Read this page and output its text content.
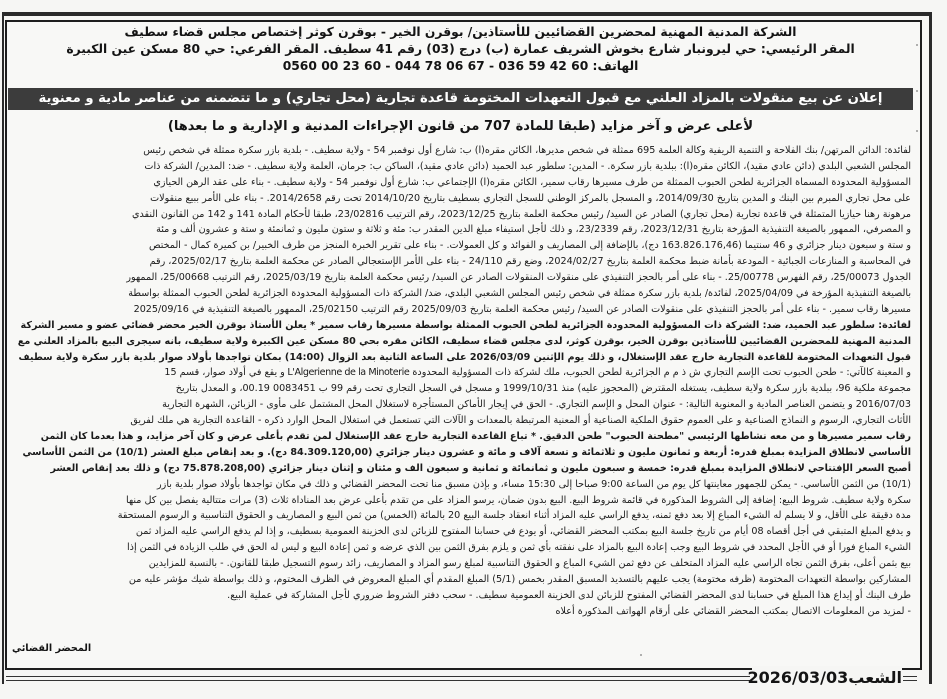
الشركة المدنية المهنية لمحضرين القضائيين للأستاذين/ بوقرن الخير - بوقرن كوثر إختصاص مجلس قضاء سطيف
المقر الرئيسي: حي ليرونبار شارع بخوش الشريف عمارة (ب) درج (03) رقم 41 سطيف. المقر الفرعي: حي 80 مسكن عين الكبيرة
الهاتف: 60 42 59 036 - 67 06 78 044 - 60 23 00 0560
إعلان عن بيع منقولات بالمزاد العلني مع قبول التعهدات المختومة قاعدة تجارية (محل تجاري) و ما تتضمنه من عناصر مادية و معنوية
لأعلى عرض و آخر مزايد (طبقا للمادة 707 من قانون الإجراءات المدنية و الإدارية و ما بعدها)
لفائدة: الدائن المرتهن/ بنك الفلاحة و التنمية الريفية وكالة العلمة 695 ممثلة في شخص مديرها، الكائن مقره(ا) ب: شارع أول نوفمبر 54 - ولاية سطيف. - بلدية بازر سكرة ممثلة في شخص رئيس
المجلس الشعبي البلدي (دائن عادي مقيد)، الكائن مقره(ا): ببلدية بازر سكرة. - المدين: سلطور عبد الحميد (دائن عادي مقيد)، الساكن ب: جرمان، العلمة ولاية سطيف. - ضد: المدين/ الشركة ذات
المسؤولية المحدودة المسماة الجزائرية لطحن الحبوب الممثلة من طرف مسيرها رقاب سمير، الكائن مقره(ا) الإجتماعي ب: شارع أول نوفمبر 54 - ولاية سطيف. - بناء على عقد الرهن الحيازي
على محل تجاري المبرم بين البنك و المدين بتاريخ 2014/09/30، و المسجل بالمركز الوطني للسجل التجاري بسطيف بتاريخ 2014/10/20 تحت رقم 2014/2658. - بناء على الأمر ببيع منقولات
مرهونة رهنا حيازيا المتمثلة في قاعدة تجارية (محل تجاري) الصادر عن السيد/ رئيس محكمة العلمة بتاريخ 2023/12/25، رقم الترتيب 23/02816، طبقا لأحكام المادة 141 و 142 من القانون النقدي
و المصرفي، الممهور بالصيغة التنفيذية المؤرخة بتاريخ 2023/12/31، رقم 23/2339، و ذلك لأجل استيفاء مبلغ الدين المقدر ب: مئة و ثلاثة و ستون مليون و ثمانمئة و ستة و عشرون ألف و مئة
و ستة و سبعون دينار جزائري و 46 سنتيما (163.826.176,46 دج)، بالإضافة إلى المصاريف و الفوائد و كل العمولات. - بناء على تقرير الخبرة المنجز من طرف الخبير/ بن كميرة كمال - المختص
في المحاسبة و المنازعات الجبائية - المودعة بأمانة ضبط محكمة العلمة بتاريخ 2024/02/27، وضع رقم 24/110 - بناء على الأمر الإستعجالي الصادر عن محكمة العلمة بتاريخ 2025/02/17، رقم
الجدول 25/00073، رقم الفهرس 25/00778. - بناء على أمر بالحجز التنفيذي على منقولات المنقولات الصادر عن السيد/ رئيس محكمة العلمة بتاريخ 2025/03/19، رقم الترتيب 25/00668، الممهور
بالصيغة التنفيذية المؤرخة في 2025/04/09، لفائدة/ بلدية بازر سكرة ممثلة في شخص رئيس المجلس الشعبي البلدي، ضد/ الشركة ذات المسؤولية المحدودة الجزائرية لطحن الحبوب الممثلة بواسطة
مسيرها رقاب سمير. - بناء على أمر بالحجز التنفيذي على منقولات الصادر عن السيد/ رئيس محكمة العلمة بتاريخ 2025/09/03 رقم الترتيب 25/02150، الممهور بالصيغة التنفيذية في 2025/09/16
لفائدة: سلطور عبد الحميد، ضد: الشركة ذات المسؤولية المحدودة الجزائرية لطحن الحبوب الممثلة بواسطة مسيرها رقاب سمير * يعلن الأستاذ بوقرن الخير محضر قضائي عضو و مسير الشركة
المدنية المهنية للمحضرين القضائيين للأستاذين بوقرن الخير، بوقرن كوثر، لدى مجلس قضاء سطيف، الكائن مقره بحي 80 مسكن عين الكبيرة ولاية سطيف، بانه سيجرى البيع بالمزاد العلني مع
قبول التعهدات المختومة للقاعدة التجارية خارج عقد الإستغلال، و ذلك يوم الإثنين 2026/03/09 على الساعة الثانية بعد الزوال (14:00) بمكان تواجدها بأولاد صوار بلدية بازر سكرة ولاية سطيف
و المعينة كالآتي: - طحن الحبوب تحت الإسم التجاري ش ذ م م الجزائرية لطحن الحبوب، ملك لشركة ذات المسؤولية المحدودة L'Algerienne de la Minoterie و يقع في أولاد صوار، قسم 15
مجموعة ملكية 96، ببلدية بازر سكرة ولاية سطيف، يستغله المقترض (المحجوز عليه) منذ 1999/10/31 و مسجل في السجل التجاري تحت رقم 99 ب 0083451 00.19، و المعدل بتاريخ
2016/07/03 و يتضمن العناصر المادية و المعنوية التالية: - عنوان المحل و الإسم التجاري. - الحق في إيجار الأماكن المستأجرة لاستغلال المحل المشتمل على مأوى - الزبائن، الشهرة التجارية
الأثاث التجاري، الرسوم و النماذج الصناعية و على العموم حقوق الملكية الصناعية أو المعنية المرتبطة بالمعدات و الآلات التي تستعمل في استغلال المحل الوارد ذكره - القاعدة التجارية هي ملك لفريق
رقاب سمير مسيرها و من معه نشاطها الرئيسي "مطحنة الحبوب" طحن الدقيق. * تباع القاعدة التجارية خارج عقد الإستغلال لمن تقدم بأعلى عرض و كان آخر مزايد، و هذا بعدما كان الثمن
الأساسي لانطلاق المزايدة بمبلغ قدره: أربعة و ثمانون مليون و ثلاثمائة و تسعة آلاف و مائة و عشرون دينار جزائري (84.309.120,00 دج). و بعد إنقاص مبلغ العشر (10/1) من الثمن الأساسي
أصبح السعر الإفتتاحي لانطلاق المزايدة بمبلغ قدره: خمسة و سبعون مليون و ثمانمائة و ثمانية و سبعون الف و مئتان و إثنان دينار جزائري (75.878.208,00 دج) و ذلك بعد إنقاص العشر
(10/1) من الثمن الأساسي. - يمكن للجمهور معاينتها كل يوم من الساعة 9:00 صباحا إلى 15:30 مساء، و بإذن مسبق منا تحت المحضر القضائي و ذلك في مكان تواجدها بأولاد صوار بلدية بازر
سكرة ولاية سطيف. شروط البيع: إضافة إلى الشروط المذكورة في قائمة شروط البيع. البيع بدون ضمان، يرسو المزاد على من تقدم بأعلى عرض بعد المناداة ثلاث (3) مرات متتالية يفصل بين كل منها
مدة دقيقة على الأقل، و لا يسلم له الشيء المباع إلا بعد دفع ثمنه، يدفع الراسي عليه المزاد أثناء انعقاد جلسة البيع 20 بالمائة (الخمس) من ثمن البيع و المصاريف و الحقوق التناسبية و الرسوم المستحقة
و يدفع المبلغ المتبقي في أجل أقصاه 08 أيام من تاريخ جلسة البيع بمكتب المحضر القضائي، أو يودع في حسابنا المفتوح للزبائن لدى الخزينة العمومية بسطيف، و إذا لم يدفع الراسي عليه المزاد ثمن
الشيء المباع فورا أو في الأجل المحدد في شروط البيع وجب إعادة البيع بالمزاد على نفقته بأي ثمن و يلزم بفرق الثمن بين الذي عرضه و ثمن إعادة البيع و ليس له الحق في طلب الزيادة في الثمن إذا
بيع بثمن أعلى، بفرق الثمن تجاه الراسي عليه المزاد المتخلف عن دفع ثمن الشيء المباع و الحقوق التناسبية لمبلغ رسو المزاد و المصاريف، زائد رسوم التسجيل طبقا للقانون. - بالنسبة للمزايدين
المشاركين بواسطة التعهدات المختومة (ظرفه مختومة) يجب عليهم بالتسديد المسبق المقدر بخمس (5/1) المبلغ المقدم أي المبلغ المعروض في الظرف المختوم، و ذلك بواسطة شيك مؤشر عليه من
طرف البنك أو إيداع هذا المبلغ في حسابنا لدى المحضر القضائي المفتوح للزبائن لدى الخزينة العمومية سطيف. - سحب دفتر الشروط ضروري لأجل المشاركة في عملية البيع.
- لمزيد من المعلومات الاتصال بمكتب المحضر القضائي على أرقام الهواتف المذكورة أعلاه
المحضر القضائي
الشعب2026/03/03
